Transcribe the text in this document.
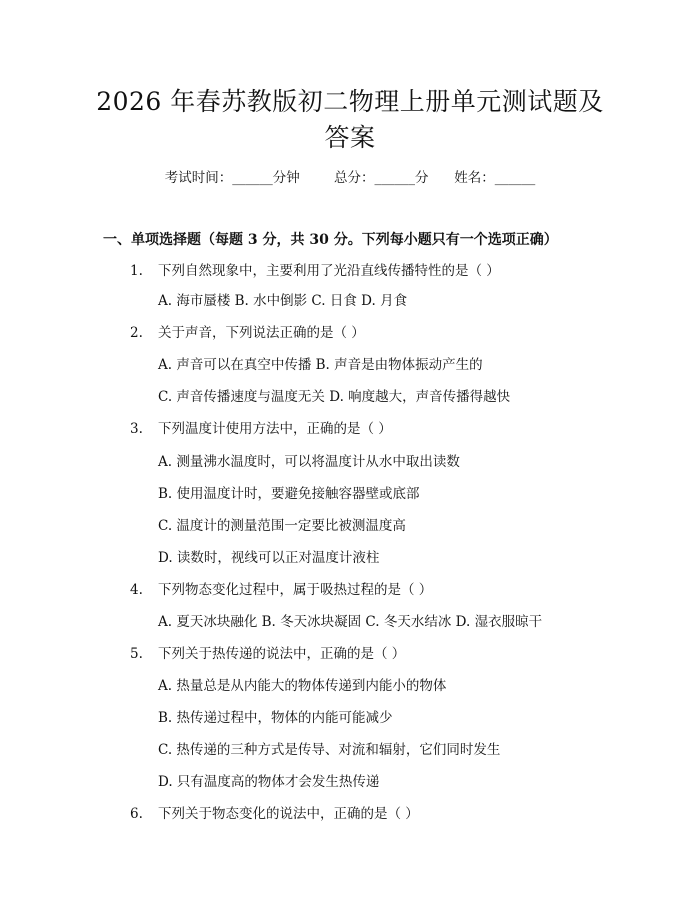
2026 年春苏教版初二物理上册单元测试题及
答案
考试时间：______分钟	总分：______分 姓名：______
一、单项选择题（每题 3 分，共 30 分。下列每小题只有一个选项正确）
1. 下列自然现象中，主要利用了光沿直线传播特性的是（ ）
A. 海市蜃楼 B. 水中倒影 C. 日食 D. 月食
2. 关于声音，下列说法正确的是（ ）
A. 声音可以在真空中传播 B. 声音是由物体振动产生的
C. 声音传播速度与温度无关 D. 响度越大，声音传播得越快
3. 下列温度计使用方法中，正确的是（ ）
A. 测量沸水温度时，可以将温度计从水中取出读数
B. 使用温度计时，要避免接触容器壁或底部
C. 温度计的测量范围一定要比被测温度高
D. 读数时，视线可以正对温度计液柱
4. 下列物态变化过程中，属于吸热过程的是（ ）
A. 夏天冰块融化 B. 冬天冰块凝固 C. 冬天水结冰 D. 湿衣服晾干
5. 下列关于热传递的说法中，正确的是（ ）
A. 热量总是从内能大的物体传递到内能小的物体
B. 热传递过程中，物体的内能可能减少
C. 热传递的三种方式是传导、对流和辐射，它们同时发生
D. 只有温度高的物体才会发生热传递
6. 下列关于物态变化的说法中，正确的是（ ）
